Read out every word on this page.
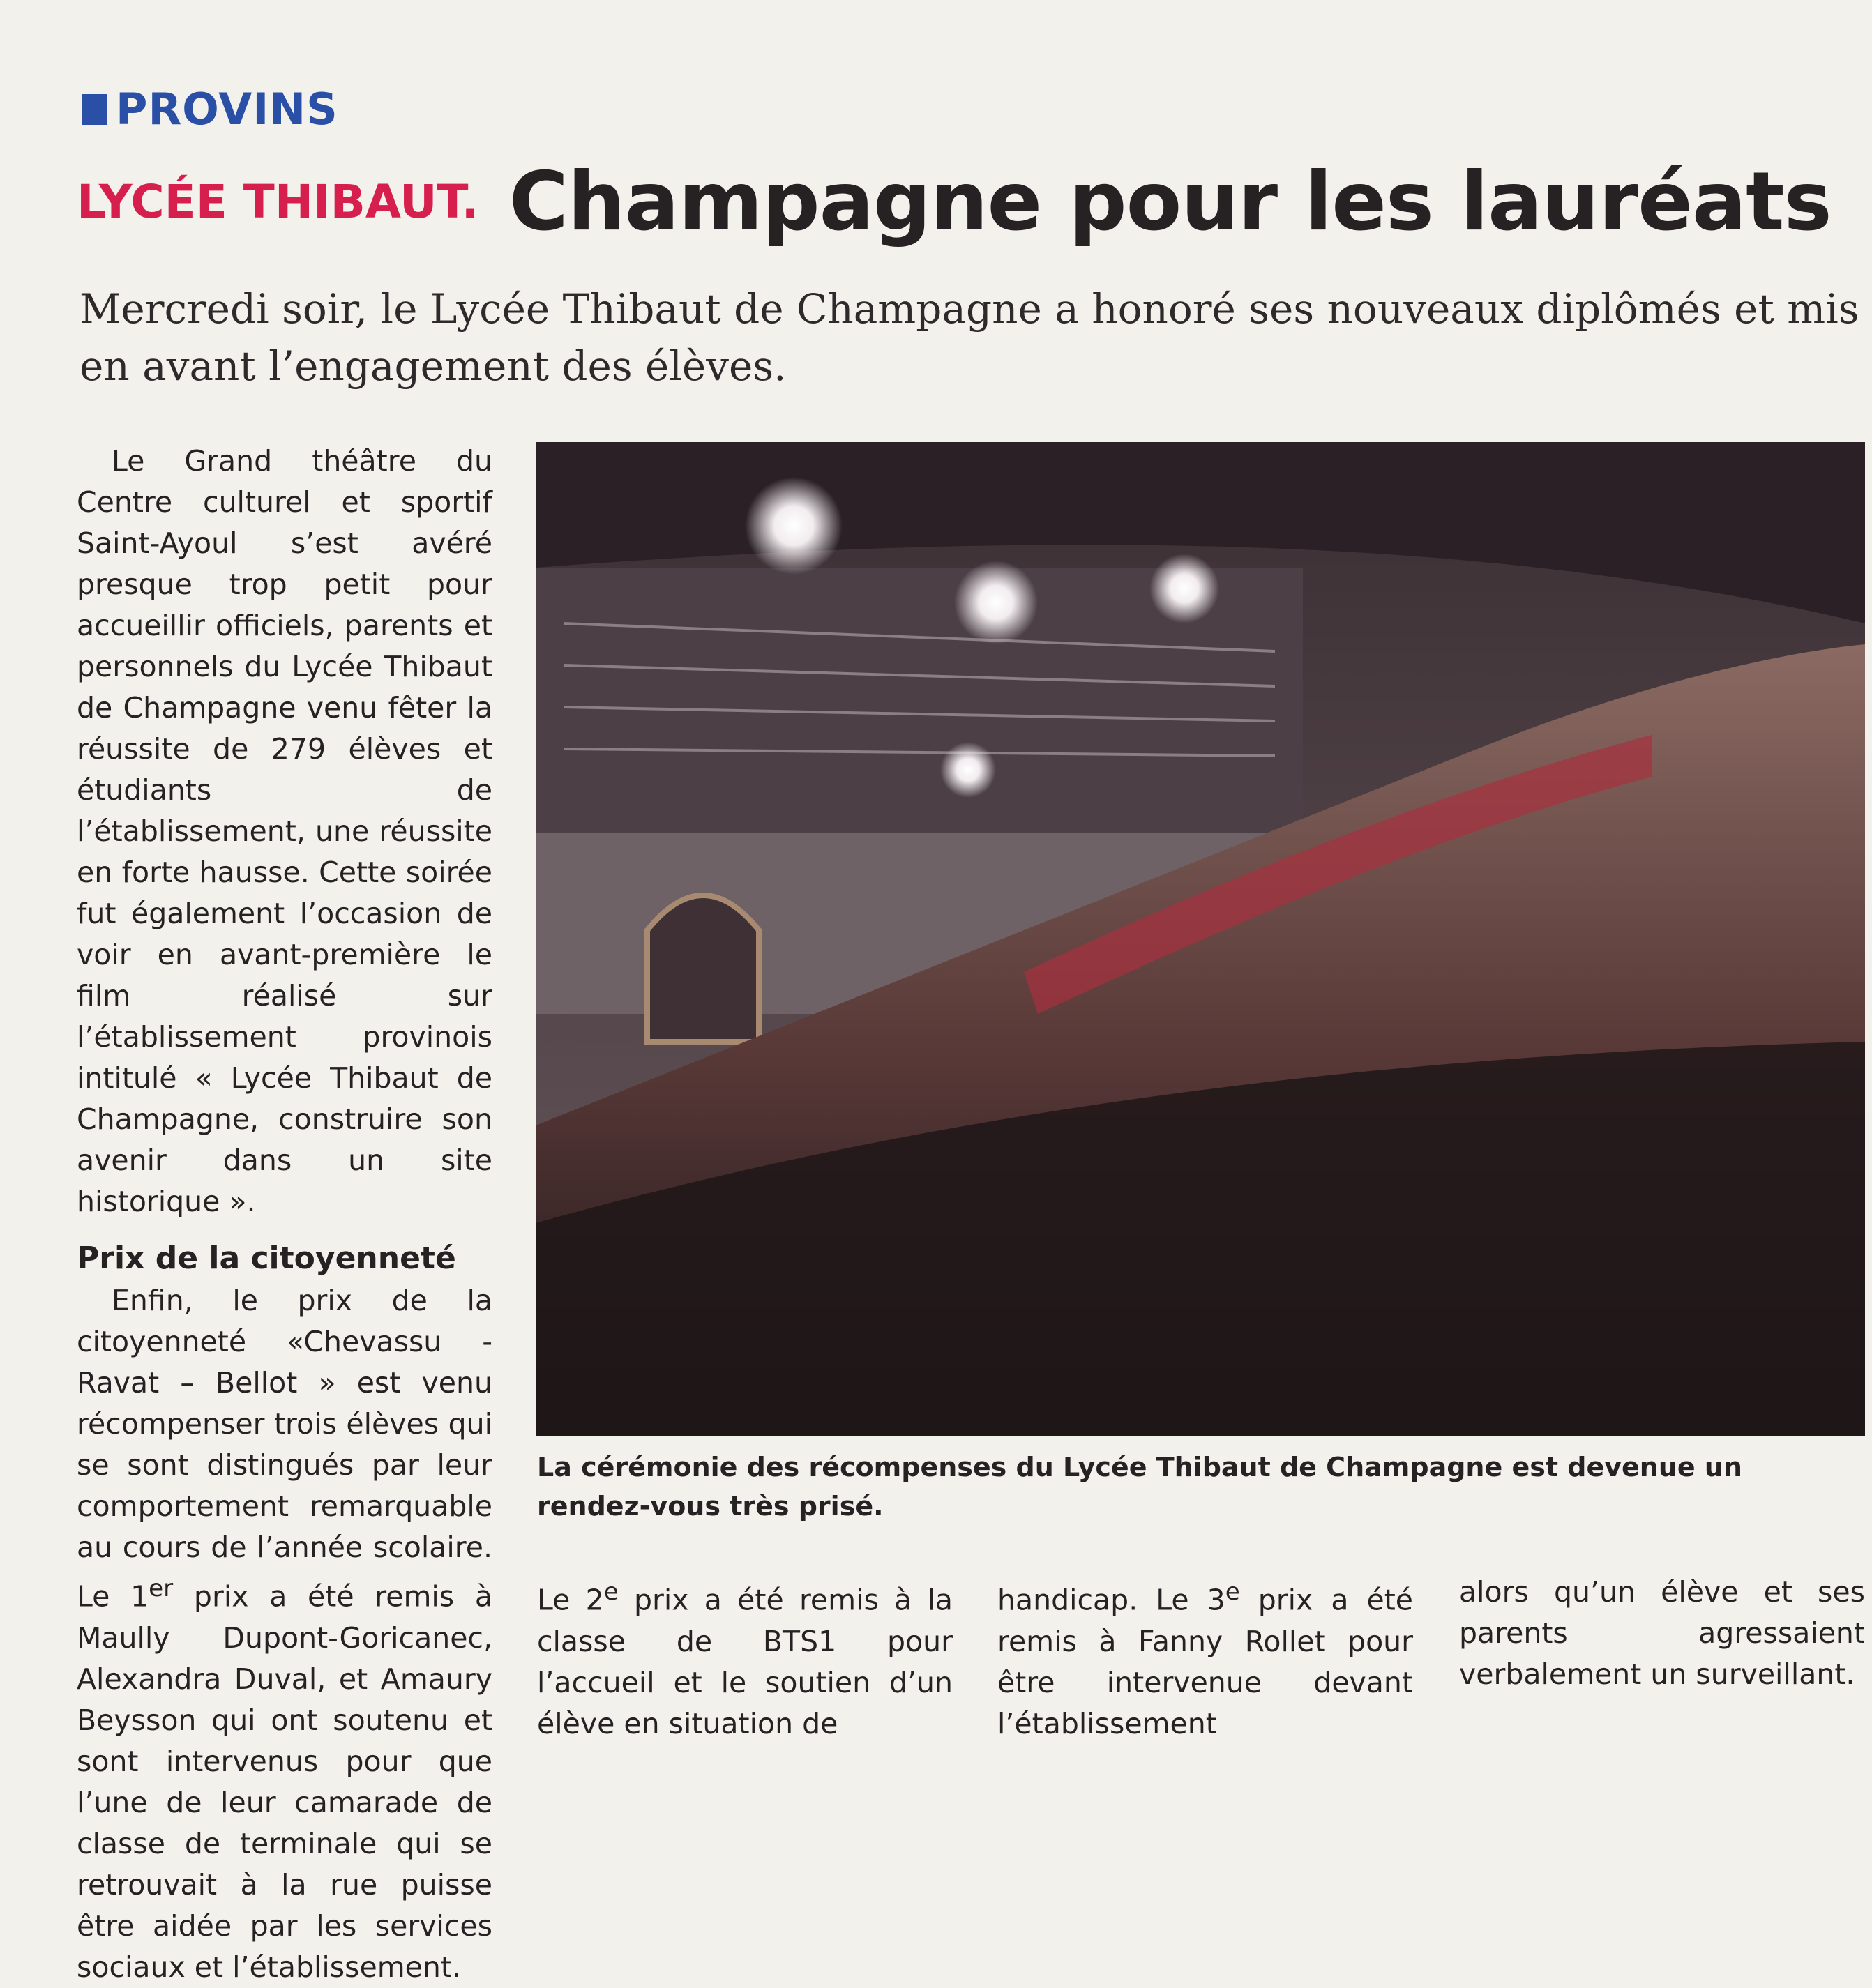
PROVINS
LYCÉE THIBAUT. Champagne pour les lauréats
Mercredi soir, le Lycée Thibaut de Champagne a honoré ses nouveaux diplômés et mis en avant l’engagement des élèves.

Le Grand théâtre du Centre culturel et sportif Saint-Ayoul s’est avéré presque trop petit pour accueillir officiels, parents et personnels du Lycée Thibaut de Champagne venu fêter la réussite de 279 élèves et étudiants de l’établissement, une réussite en forte hausse. Cette soirée fut également l’occasion de voir en avant-première le film réalisé sur l’établissement provinois intitulé « Lycée Thibaut de Champagne, construire son avenir dans un site historique ».

Prix de la citoyenneté

Enfin, le prix de la citoyenneté «Chevassu - Ravat – Bellot » est venu récompenser trois élèves qui se sont distingués par leur comportement remarquable au cours de l’année scolaire. Le 1er prix a été remis à Maully Dupont-Goricanec, Alexandra Duval, et Amaury Beysson qui ont soutenu et sont intervenus pour que l’une de leur camarade de classe de terminale qui se retrouvait à la rue puisse être aidée par les services sociaux et l’établissement.

La cérémonie des récompenses du Lycée Thibaut de Champagne est devenue un rendez-vous très prisé.

Le 2e prix a été remis à la classe de BTS1 pour l’accueil et le soutien d’un élève en situation de

handicap. Le 3e prix a été remis à Fanny Rollet pour être intervenue devant l’établissement

alors qu’un élève et ses parents agressaient verbalement un surveillant.
